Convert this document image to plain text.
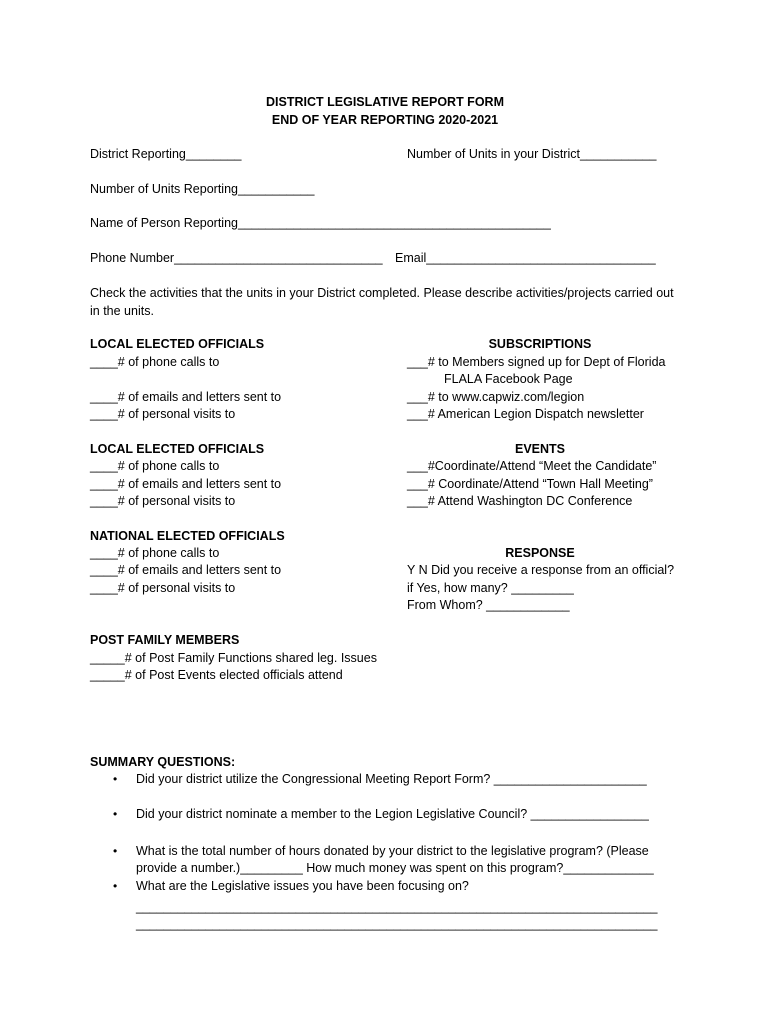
DISTRICT LEGISLATIVE REPORT FORM
END OF YEAR REPORTING 2020-2021
District Reporting________	Number of Units in your District___________
Number of Units Reporting___________
Name of Person Reporting_____________________________________________
Phone Number______________________________ Email_________________________________
Check the activities that the units in your District completed. Please describe activities/projects carried out in the units.
LOCAL ELECTED OFFICIALS
____# of phone calls to
____# of emails and letters sent to
____# of personal visits to
SUBSCRIPTIONS
___# to Members signed up for Dept of Florida
FLALA Facebook Page
___# to www.capwiz.com/legion
___# American Legion Dispatch newsletter
LOCAL ELECTED OFFICIALS
____# of phone calls to
____# of emails and letters sent to
____# of personal visits to
EVENTS
___#Coordinate/Attend “Meet the Candidate”
___# Coordinate/Attend “Town Hall Meeting”
___# Attend Washington DC Conference
NATIONAL ELECTED OFFICIALS
____# of phone calls to
____# of emails and letters sent to
____# of personal visits to
RESPONSE
Y N Did you receive a response from an official?
if Yes, how many? _________
From Whom? ____________
POST FAMILY MEMBERS
_____# of Post Family Functions shared leg. Issues
_____# of Post Events elected officials attend
SUMMARY QUESTIONS:
• Did your district utilize the Congressional Meeting Report Form? ______________________
• Did your district nominate a member to the Legion Legislative Council? _________________
• What is the total number of hours donated by your district to the legislative program? (Please
provide a number.)_________ How much money was spent on this program?_____________
• What are the Legislative issues you have been focusing on?
___________________________________________________________________________
___________________________________________________________________________
